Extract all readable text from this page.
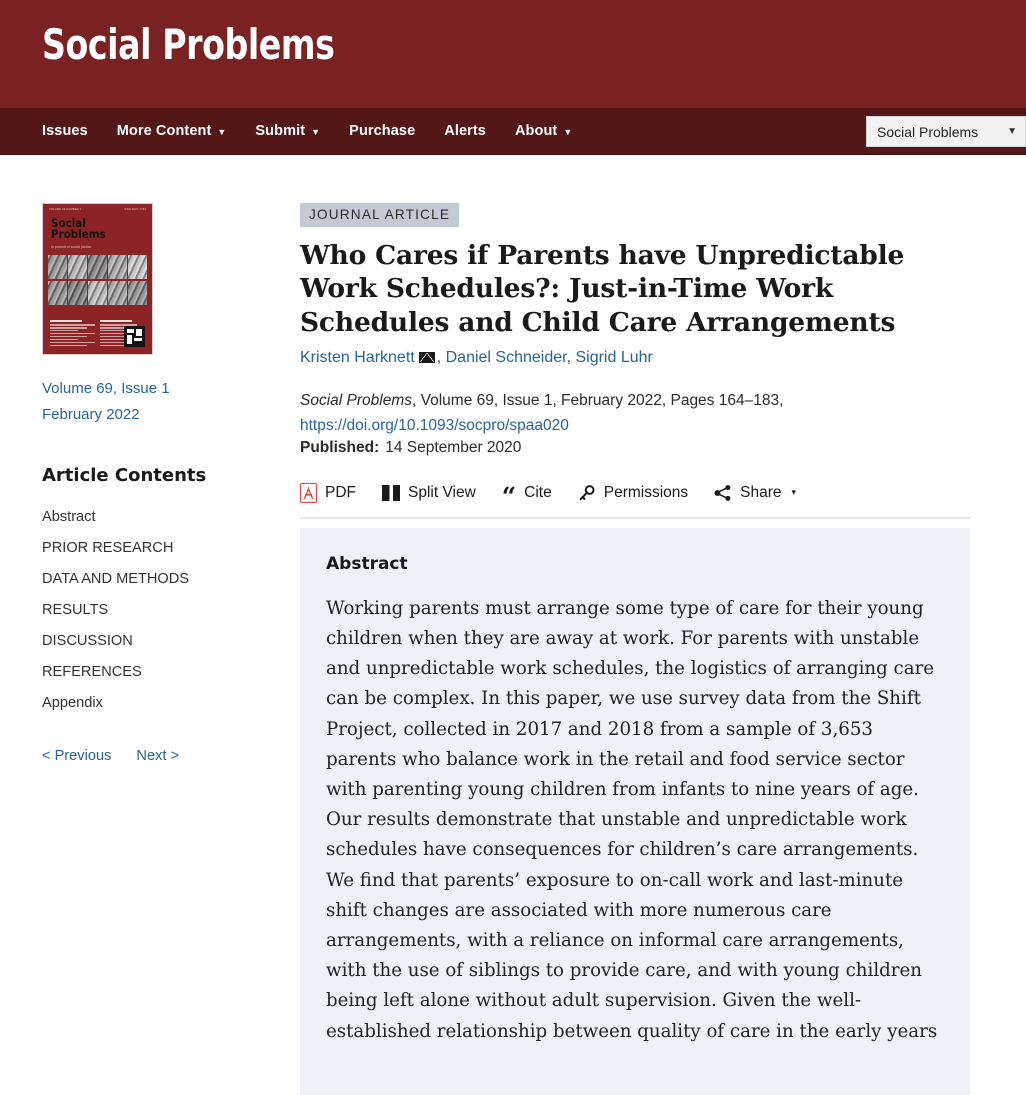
Social Problems
Issues More Content ▼ Submit ▼ Purchase Alerts About ▼	Social Problems	▼
VOLUME 69 NUMBER 1	ISSN 0037-7791
Social
Problems
in pursuit of social justice
Volume 69, Issue 1
February 2022
Article Contents
Abstract
PRIOR RESEARCH
DATA AND METHODS
RESULTS
DISCUSSION
REFERENCES
Appendix
< Previous Next >
JOURNAL ARTICLE
Who Cares if Parents have Unpredictable Work Schedules?: Just-in-Time Work Schedules and Child Care Arrangements
Kristen Harknett , Daniel Schneider, Sigrid Luhr
Social Problems, Volume 69, Issue 1, February 2022, Pages 164–183,
https://doi.org/10.1093/socpro/spaa020
Published: 14 September 2020
PDF	Split View “ Cite	Permissions	Share ▾
Abstract

Working parents must arrange some type of care for their young children when they are away at work. For parents with unstable and unpredictable work schedules, the logistics of arranging care can be complex. In this paper, we use survey data from the Shift Project, collected in 2017 and 2018 from a sample of 3,653 parents who balance work in the retail and food service sector with parenting young children from infants to nine years of age. Our results demonstrate that unstable and unpredictable work schedules have consequences for children’s care arrangements. We find that parents’ exposure to on-call work and last-minute shift changes are associated with more numerous care arrangements, with a reliance on informal care arrangements, with the use of siblings to provide care, and with young children being left alone without adult supervision. Given the well-established relationship between quality of care in the early years
